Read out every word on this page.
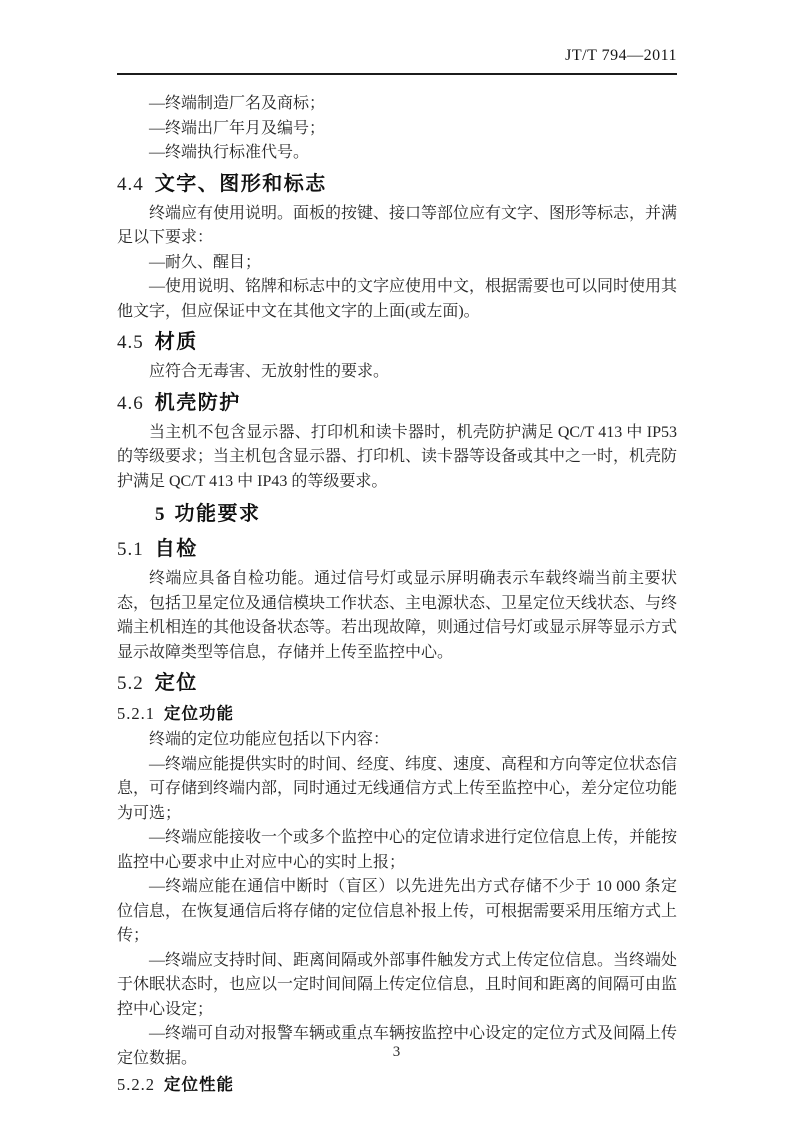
JT/T 794—2011

—终端制造厂名及商标；

—终端出厂年月及编号；

—终端执行标准代号。

4.4 文字、图形和标志

终端应有使用说明。面板的按键、接口等部位应有文字、图形等标志，并满足以下要求：

—耐久、醒目；

—使用说明、铭牌和标志中的文字应使用中文，根据需要也可以同时使用其他文字，但应保证中文在其他文字的上面(或左面)。

4.5 材质

应符合无毒害、无放射性的要求。

4.6 机壳防护

当主机不包含显示器、打印机和读卡器时，机壳防护满足 QC/T 413 中 IP53 的等级要求；当主机包含显示器、打印机、读卡器等设备或其中之一时，机壳防护满足 QC/T 413 中 IP43 的等级要求。

5 功能要求
5.1 自检

终端应具备自检功能。通过信号灯或显示屏明确表示车载终端当前主要状态，包括卫星定位及通信模块工作状态、主电源状态、卫星定位天线状态、与终端主机相连的其他设备状态等。若出现故障，则通过信号灯或显示屏等显示方式显示故障类型等信息，存储并上传至监控中心。

5.2 定位
5.2.1 定位功能

终端的定位功能应包括以下内容：

—终端应能提供实时的时间、经度、纬度、速度、高程和方向等定位状态信息，可存储到终端内部，同时通过无线通信方式上传至监控中心，差分定位功能为可选；

—终端应能接收一个或多个监控中心的定位请求进行定位信息上传，并能按监控中心要求中止对应中心的实时上报；

—终端应能在通信中断时（盲区）以先进先出方式存储不少于 10 000 条定位信息，在恢复通信后将存储的定位信息补报上传，可根据需要采用压缩方式上传；

—终端应支持时间、距离间隔或外部事件触发方式上传定位信息。当终端处于休眠状态时，也应以一定时间间隔上传定位信息，且时间和距离的间隔可由监控中心设定；

—终端可自动对报警车辆或重点车辆按监控中心设定的定位方式及间隔上传定位数据。

5.2.2 定位性能
3
